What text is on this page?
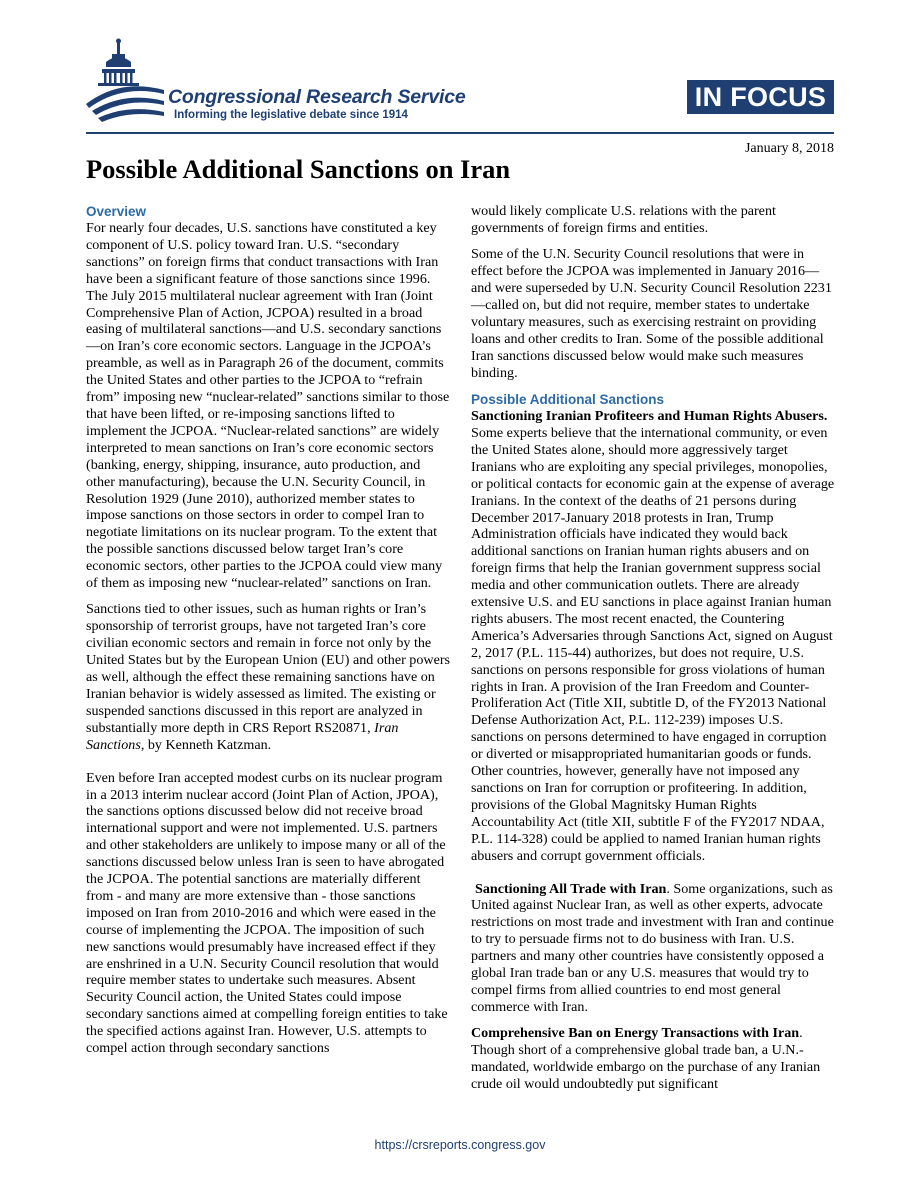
Congressional Research Service
Informing the legislative debate since 1914
IN FOCUS
January 8, 2018
Possible Additional Sanctions on Iran
Overview

For nearly four decades, U.S. sanctions have constituted a key component of U.S. policy toward Iran. U.S. “secondary sanctions” on foreign firms that conduct transactions with Iran have been a significant feature of those sanctions since 1996. The July 2015 multilateral nuclear agreement with Iran (Joint Comprehensive Plan of Action, JCPOA) resulted in a broad easing of multilateral sanctions—and U.S. secondary sanctions—on Iran’s core economic sectors. Language in the JCPOA’s preamble, as well as in Paragraph 26 of the document, commits the United States and other parties to the JCPOA to “refrain from” imposing new “nuclear-related” sanctions similar to those that have been lifted, or re-imposing sanctions lifted to implement the JCPOA. “Nuclear-related sanctions” are widely interpreted to mean sanctions on Iran’s core economic sectors (banking, energy, shipping, insurance, auto production, and other manufacturing), because the U.N. Security Council, in Resolution 1929 (June 2010), authorized member states to impose sanctions on those sectors in order to compel Iran to negotiate limitations on its nuclear program. To the extent that the possible sanctions discussed below target Iran’s core economic sectors, other parties to the JCPOA could view many of them as imposing new “nuclear-related” sanctions on Iran.

Sanctions tied to other issues, such as human rights or Iran’s sponsorship of terrorist groups, have not targeted Iran’s core civilian economic sectors and remain in force not only by the United States but by the European Union (EU) and other powers as well, although the effect these remaining sanctions have on Iranian behavior is widely assessed as limited. The existing or suspended sanctions discussed in this report are analyzed in substantially more depth in CRS Report RS20871, Iran Sanctions, by Kenneth Katzman.

Even before Iran accepted modest curbs on its nuclear program in a 2013 interim nuclear accord (Joint Plan of Action, JPOA), the sanctions options discussed below did not receive broad international support and were not implemented. U.S. partners and other stakeholders are unlikely to impose many or all of the sanctions discussed below unless Iran is seen to have abrogated the JCPOA. The potential sanctions are materially different from - and many are more extensive than - those sanctions imposed on Iran from 2010-2016 and which were eased in the course of implementing the JCPOA. The imposition of such new sanctions would presumably have increased effect if they are enshrined in a U.N. Security Council resolution that would require member states to undertake such measures. Absent Security Council action, the United States could impose secondary sanctions aimed at compelling foreign entities to take the specified actions against Iran. However, U.S. attempts to compel action through secondary sanctions

would likely complicate U.S. relations with the parent governments of foreign firms and entities.

Some of the U.N. Security Council resolutions that were in effect before the JCPOA was implemented in January 2016—and were superseded by U.N. Security Council Resolution 2231—called on, but did not require, member states to undertake voluntary measures, such as exercising restraint on providing loans and other credits to Iran. Some of the possible additional Iran sanctions discussed below would make such measures binding.

Possible Additional Sanctions

Sanctioning Iranian Profiteers and Human Rights Abusers. Some experts believe that the international community, or even the United States alone, should more aggressively target Iranians who are exploiting any special privileges, monopolies, or political contacts for economic gain at the expense of average Iranians. In the context of the deaths of 21 persons during December 2017-January 2018 protests in Iran, Trump Administration officials have indicated they would back additional sanctions on Iranian human rights abusers and on foreign firms that help the Iranian government suppress social media and other communication outlets. There are already extensive U.S. and EU sanctions in place against Iranian human rights abusers. The most recent enacted, the Countering America’s Adversaries through Sanctions Act, signed on August 2, 2017 (P.L. 115-44) authorizes, but does not require, U.S. sanctions on persons responsible for gross violations of human rights in Iran. A provision of the Iran Freedom and Counter-Proliferation Act (Title XII, subtitle D, of the FY2013 National Defense Authorization Act, P.L. 112-239) imposes U.S. sanctions on persons determined to have engaged in corruption or diverted or misappropriated humanitarian goods or funds. Other countries, however, generally have not imposed any sanctions on Iran for corruption or profiteering. In addition, provisions of the Global Magnitsky Human Rights Accountability Act (title XII, subtitle F of the FY2017 NDAA, P.L. 114-328) could be applied to named Iranian human rights abusers and corrupt government officials.

Sanctioning All Trade with Iran. Some organizations, such as United against Nuclear Iran, as well as other experts, advocate restrictions on most trade and investment with Iran and continue to try to persuade firms not to do business with Iran. U.S. partners and many other countries have consistently opposed a global Iran trade ban or any U.S. measures that would try to compel firms from allied countries to end most general commerce with Iran.

Comprehensive Ban on Energy Transactions with Iran. Though short of a comprehensive global trade ban, a U.N.-mandated, worldwide embargo on the purchase of any Iranian crude oil would undoubtedly put significant

https://crsreports.congress.gov
